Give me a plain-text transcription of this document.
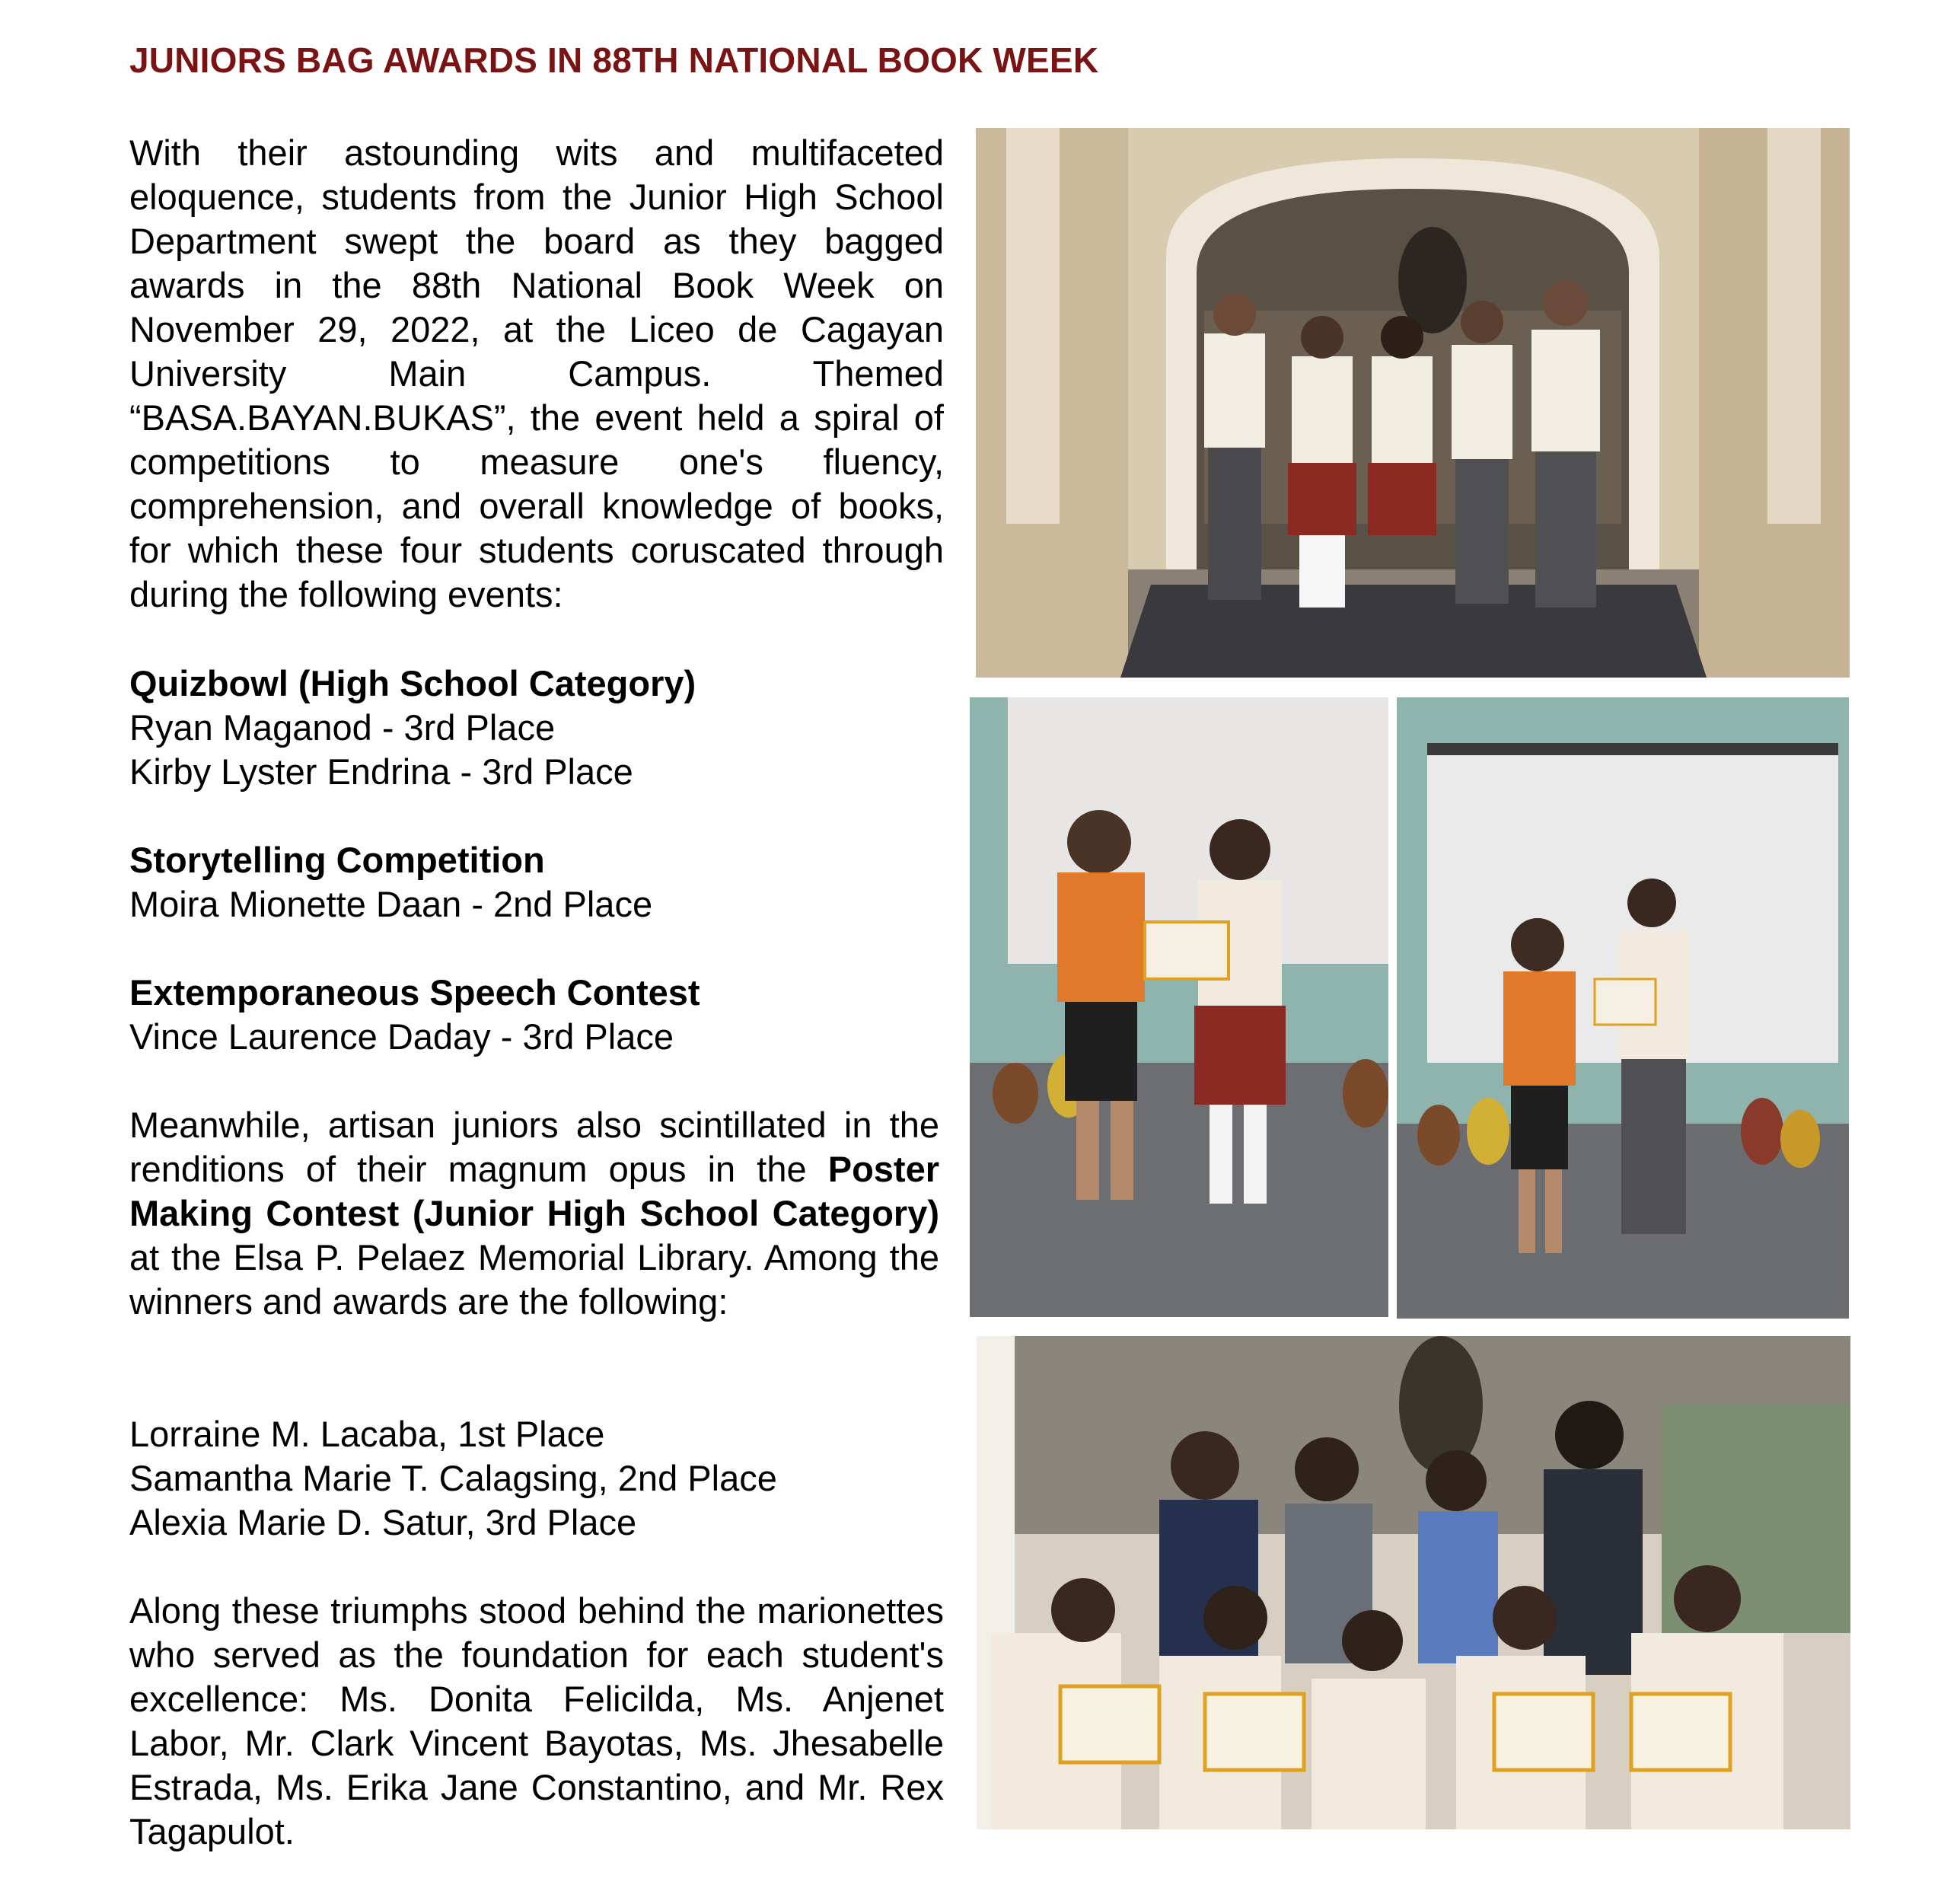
JUNIORS BAG AWARDS IN 88TH NATIONAL BOOK WEEK

With their astounding wits and multifaceted eloquence, students from the Junior High School Department swept the board as they bagged awards in the 88th National Book Week on November 29, 2022, at the Liceo de Cagayan University Main Campus. Themed “BASA.BAYAN.BUKAS”, the event held a spiral of competitions to measure one's fluency, comprehension, and overall knowledge of books, for which these four students coruscated through during the following events:

Quizbowl (High School Category)
Ryan Maganod - 3rd Place
Kirby Lyster Endrina - 3rd Place
Storytelling Competition
Moira Mionette Daan - 2nd Place
Extemporaneous Speech Contest
Vince Laurence Daday - 3rd Place

Meanwhile, artisan juniors also scintillated in the renditions of their magnum opus in the Poster Making Contest (Junior High School Category) at the Elsa P. Pelaez Memorial Library. Among the winners and awards are the following:

Lorraine M. Lacaba, 1st Place
Samantha Marie T. Calagsing, 2nd Place
Alexia Marie D. Satur, 3rd Place

Along these triumphs stood behind the marionettes who served as the foundation for each student's excellence: Ms. Donita Felicilda, Ms. Anjenet Labor, Mr. Clark Vincent Bayotas, Ms. Jhesabelle Estrada, Ms. Erika Jane Constantino, and Mr. Rex Tagapulot.
